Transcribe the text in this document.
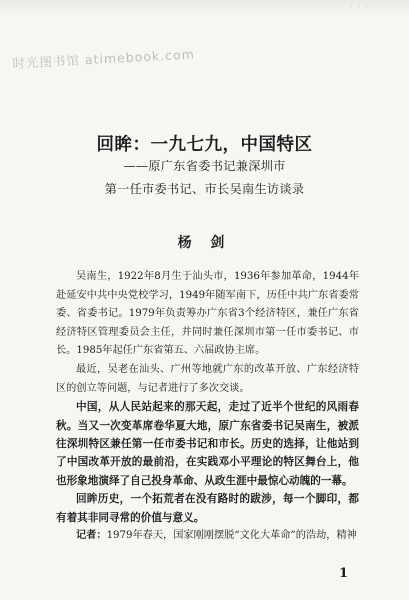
· · ·
时光图书馆 atimebook.com
回眸：一九七九，中国特区
——原广东省委书记兼深圳市
第一任市委书记、市长吴南生访谈录
杨 剑

吴南生，1922年8月生于汕头市，1936年参加革命，1944年赴延安中共中央党校学习，1949年随军南下，历任中共广东省委常委、省委书记。1979年负责筹办广东省3个经济特区，兼任广东省经济特区管理委员会主任，并同时兼任深圳市第一任市委书记、市长。1985年起任广东省第五、六届政协主席。

最近，吴老在汕头、广州等地就广东的改革开放、广东经济特区的创立等问题，与记者进行了多次交谈。

中国，从人民站起来的那天起，走过了近半个世纪的风雨春秋。当又一次变革席卷华夏大地，原广东省委书记吴南生，被派往深圳特区兼任第一任市委书记和市长。历史的选择，让他站到了中国改革开放的最前沿，在实践邓小平理论的特区舞台上，他也形象地演绎了自己投身革命、从政生涯中最惊心动魄的一幕。

回眸历史，一个拓荒者在没有路时的跋涉，每一个脚印，都有着其非同寻常的价值与意义。

记者：1979年春天，国家刚刚摆脱“文化大革命”的浩劫，精神

1
